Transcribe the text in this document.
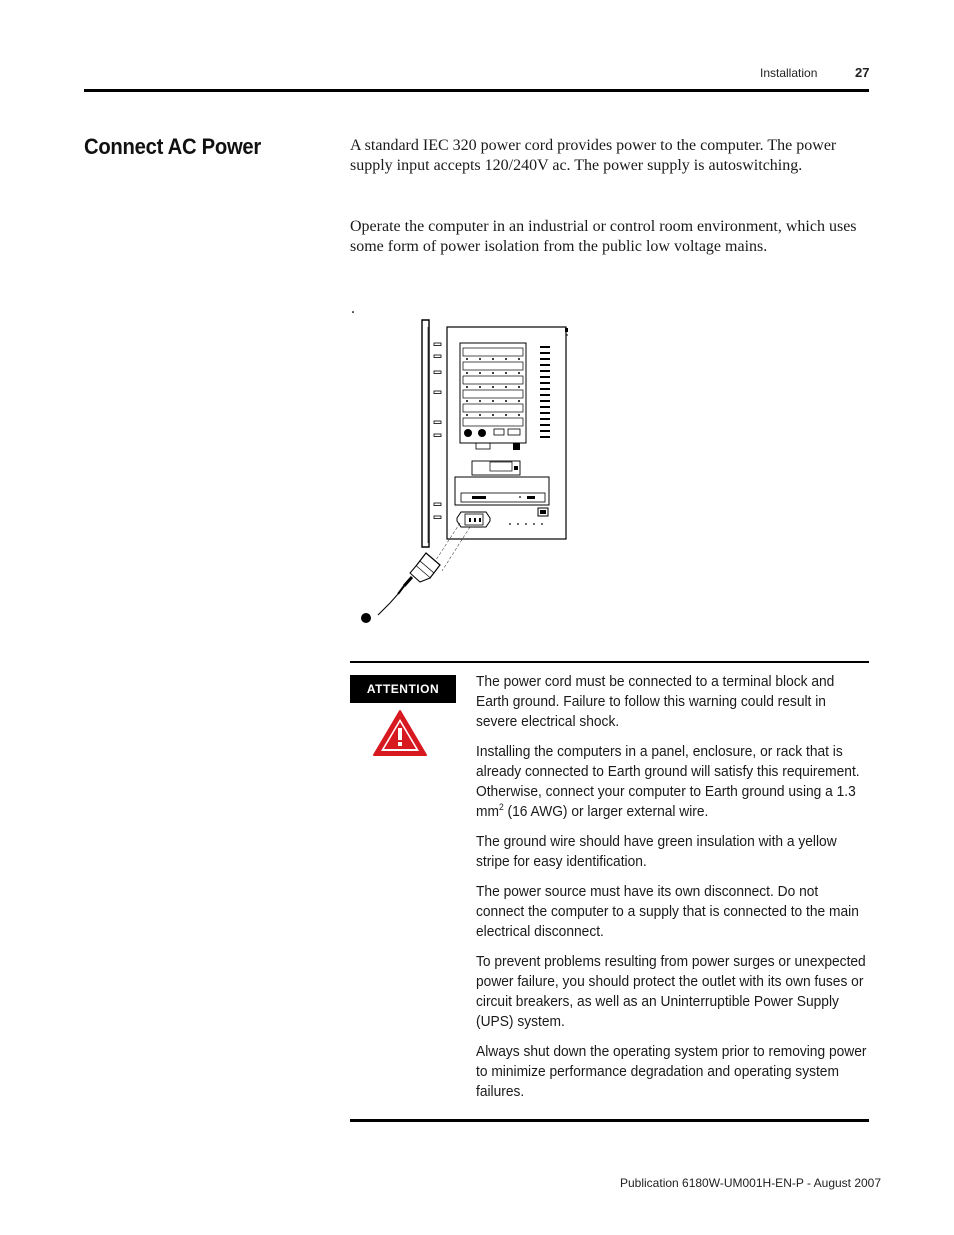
Installation	27
Connect AC Power	A standard IEC 320 power cord provides power to the computer. The power supply input accepts 120/240V ac. The power supply is autoswitching.

Operate the computer in an industrial or control room environment, which uses some form of power isolation from the public low voltage mains.

.
ATTENTION	The power cord must be connected to a terminal block and Earth ground. Failure to follow this warning could result in severe electrical shock.

Installing the computers in a panel, enclosure, or rack that is already connected to Earth ground will satisfy this requirement. Otherwise, connect your computer to Earth ground using a 1.3 $mm^2$ (16 AWG) or larger external wire.

The ground wire should have green insulation with a yellow stripe for easy identification.

The power source must have its own disconnect. Do not connect the computer to a supply that is connected to the main electrical disconnect.

To prevent problems resulting from power surges or unexpected power failure, you should protect the outlet with its own fuses or circuit breakers, as well as an Uninterruptible Power Supply (UPS) system.

Always shut down the operating system prior to removing power to minimize performance degradation and operating system failures.

Publication 6180W-UM001H-EN-P - August 2007
